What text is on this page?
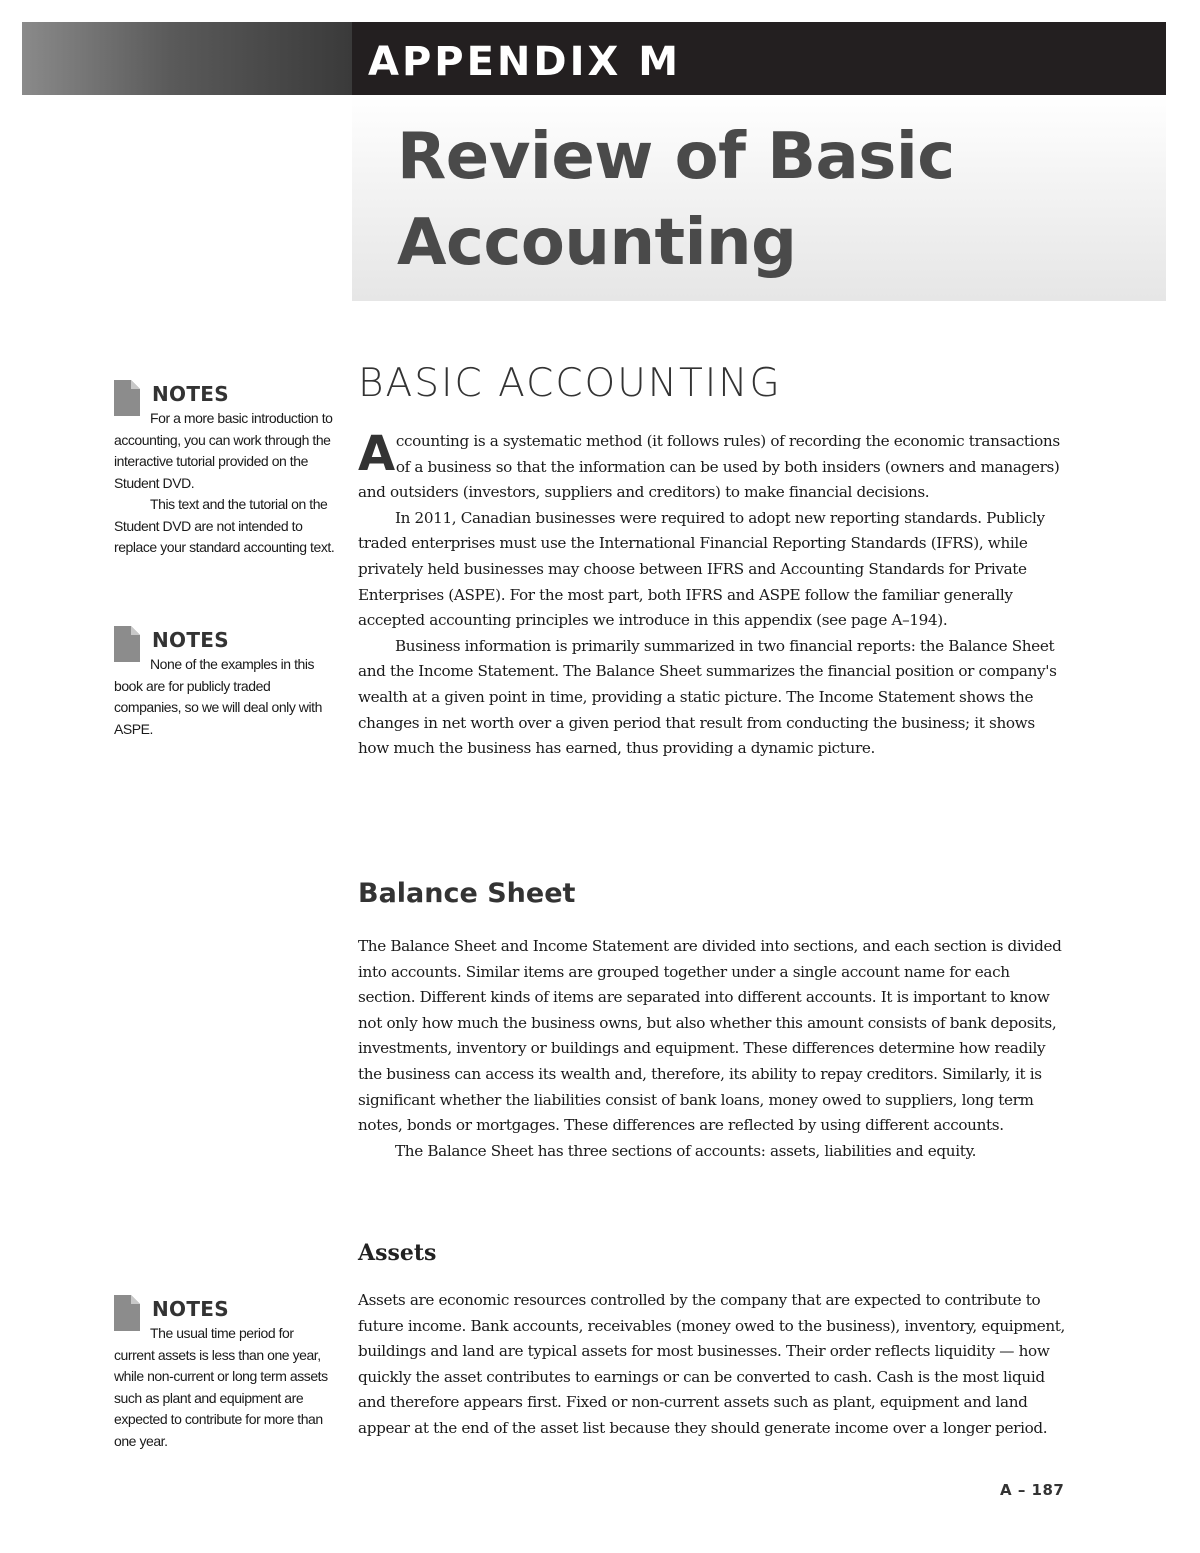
APPENDIX M
Review of Basic
Accounting
NOTES

For a more basic introduction to accounting, you can work through the interactive tutorial provided on the Student DVD.

This text and the tutorial on the Student DVD are not intended to replace your standard accounting text.

NOTES

None of the examples in this book are for publicly traded companies, so we will deal only with ASPE.

NOTES

The usual time period for current assets is less than one year, while non-current or long term assets such as plant and equipment are expected to contribute for more than one year.

BASIC ACCOUNTING

Accounting is a systematic method (it follows rules) of recording the economic transactions of a business so that the information can be used by both insiders (owners and managers) and outsiders (investors, suppliers and creditors) to make financial decisions.

In 2011, Canadian businesses were required to adopt new reporting standards. Publicly traded enterprises must use the International Financial Reporting Standards (IFRS), while privately held businesses may choose between IFRS and Accounting Standards for Private Enterprises (ASPE). For the most part, both IFRS and ASPE follow the familiar generally accepted accounting principles we introduce in this appendix (see page A–194).

Business information is primarily summarized in two financial reports: the Balance Sheet and the Income Statement. The Balance Sheet summarizes the financial position or company's wealth at a given point in time, providing a static picture. The Income Statement shows the changes in net worth over a given period that result from conducting the business; it shows how much the business has earned, thus providing a dynamic picture.

Balance Sheet

The Balance Sheet and Income Statement are divided into sections, and each section is divided into accounts. Similar items are grouped together under a single account name for each section. Different kinds of items are separated into different accounts. It is important to know not only how much the business owns, but also whether this amount consists of bank deposits, investments, inventory or buildings and equipment. These differences determine how readily the business can access its wealth and, therefore, its ability to repay creditors. Similarly, it is significant whether the liabilities consist of bank loans, money owed to suppliers, long term notes, bonds or mortgages. These differences are reflected by using different accounts.

The Balance Sheet has three sections of accounts: assets, liabilities and equity.

Assets

Assets are economic resources controlled by the company that are expected to contribute to future income. Bank accounts, receivables (money owed to the business), inventory, equipment, buildings and land are typical assets for most businesses. Their order reflects liquidity — how quickly the asset contributes to earnings or can be converted to cash. Cash is the most liquid and therefore appears first. Fixed or non-current assets such as plant, equipment and land appear at the end of the asset list because they should generate income over a longer period.

A – 187
